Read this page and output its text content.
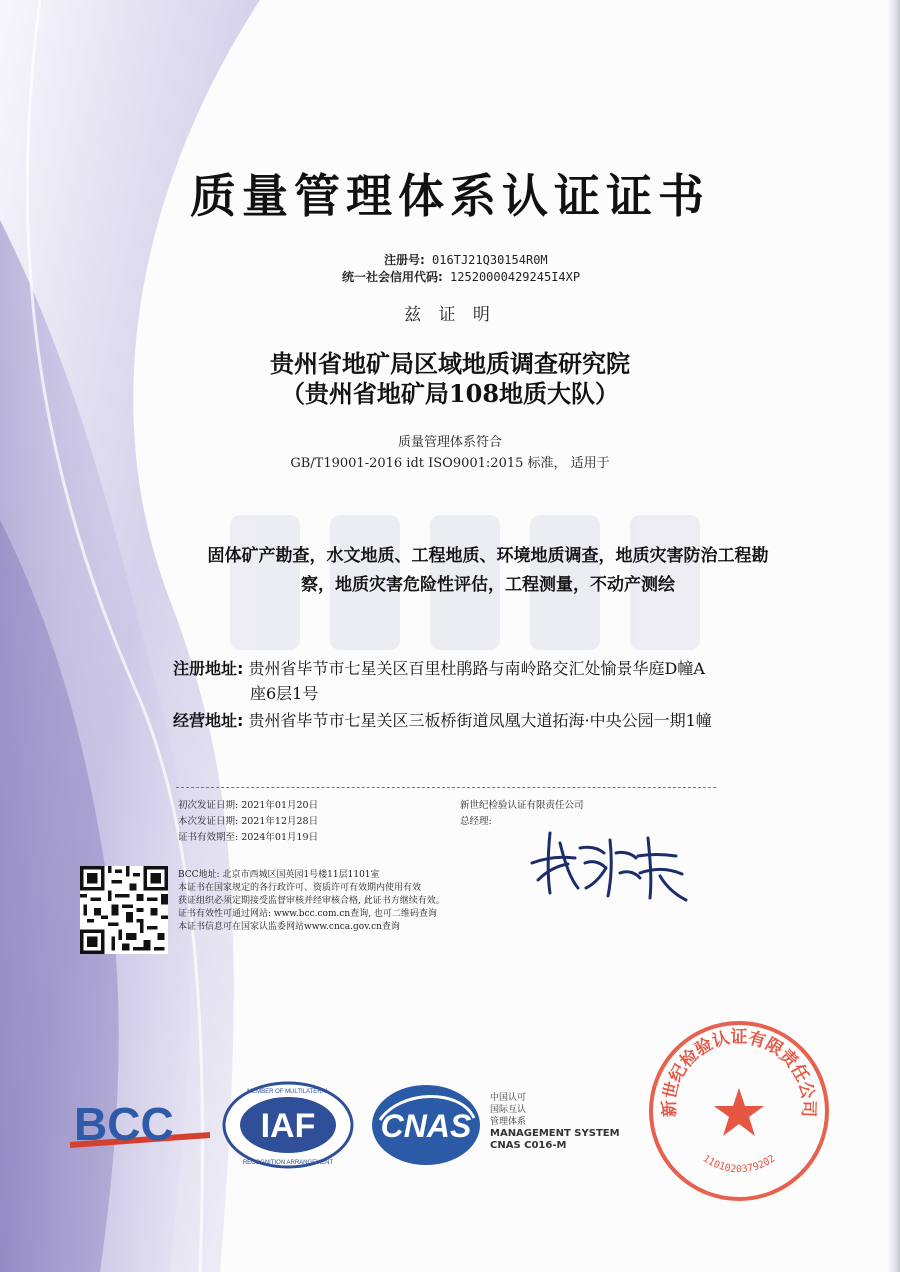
质量管理体系认证证书
注册号: 016TJ21Q30154R0M
统一社会信用代码: 12520000429245I4XP
兹 证 明
贵州省地矿局区域地质调查研究院
（贵州省地矿局108地质大队）
质量管理体系符合
GB/T19001-2016 idt ISO9001:2015 标准， 适用于
固体矿产勘查，水文地质、工程地质、环境地质调查，地质灾害防治工程勘
察，地质灾害危险性评估，工程测量，不动产测绘
注册地址: 贵州省毕节市七星关区百里杜鹃路与南岭路交汇处愉景华庭D幢A
座6层1号
经营地址: 贵州省毕节市七星关区三板桥街道凤凰大道拓海·中央公园一期1幢
初次发证日期: 2021年01月20日
本次发证日期: 2021年12月28日
证书有效期至: 2024年01月19日
新世纪检验认证有限责任公司
总经理:
BCC地址: 北京市西城区国英园1号楼11层1101室
本证书在国家规定的各行政许可、资质许可有效期内使用有效
获证组织必须定期接受监督审核并经审核合格, 此证书方继续有效。
证书有效性可通过网站: www.bcc.com.cn查询, 也可二维码查询
本证书信息可在国家认监委网站www.cnca.gov.cn查询
BCC	IAF
MEMBER OF MULTILATERAL
RECOGNITION ARRANGEMENT
CNAS
中国认可
国际互认
管理体系
MANAGEMENT SYSTEM
CNAS C016-M
新世纪检验认证有限责任公司
1101020379202
